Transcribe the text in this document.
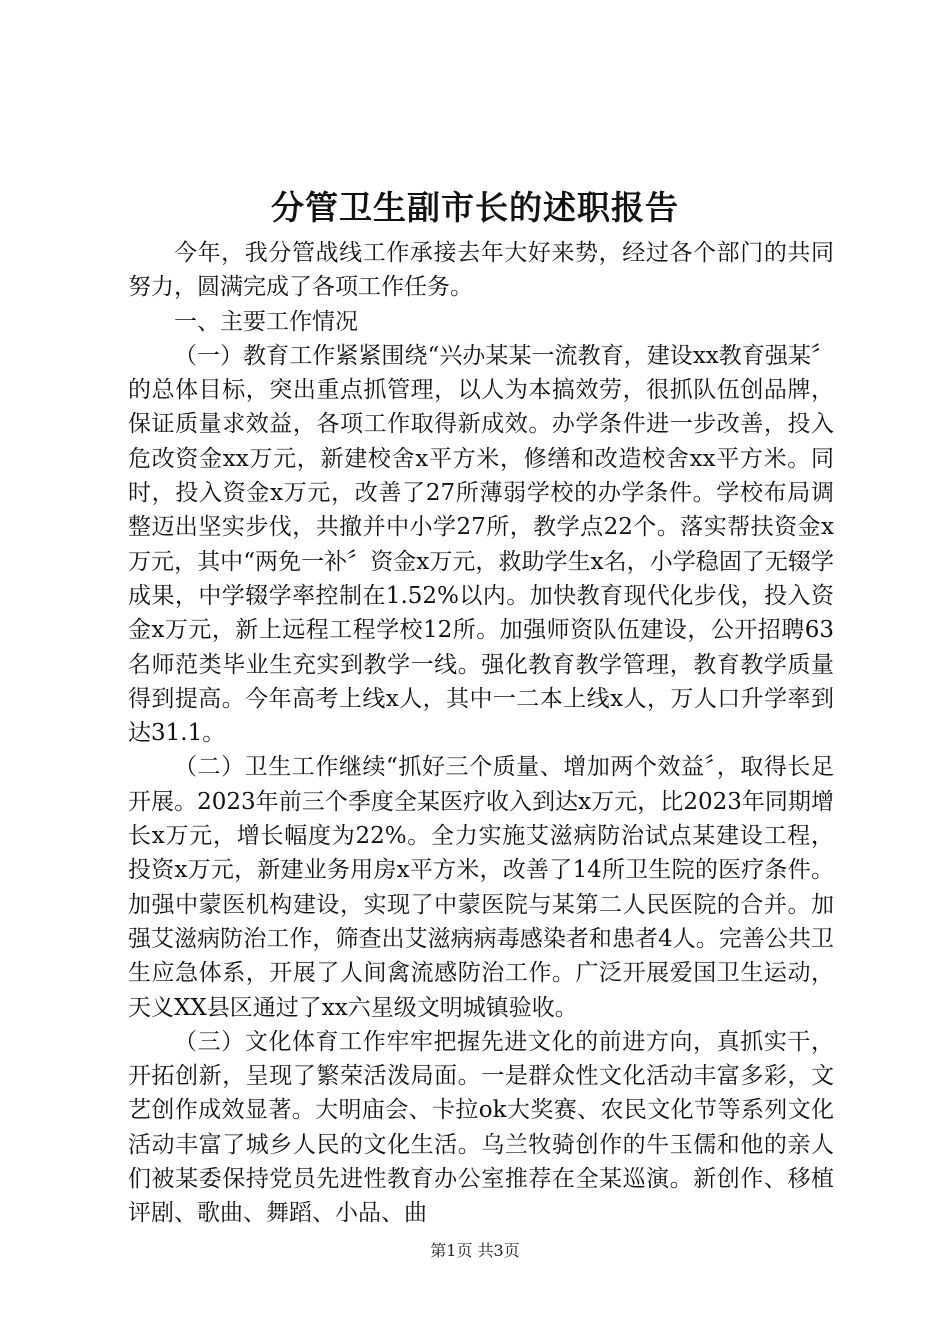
分管卫生副市长的述职报告

今年，我分管战线工作承接去年大好来势，经过各个部门的共同努力，圆满完成了各项工作任务。

一、主要工作情况

（一）教育工作紧紧围绕“兴办某某一流教育，建设xx教育强某〞的总体目标，突出重点抓管理，以人为本搞效劳，很抓队伍创品牌，保证质量求效益，各项工作取得新成效。办学条件进一步改善，投入危改资金xx万元，新建校舍x平方米，修缮和改造校舍xx平方米。同时，投入资金x万元，改善了27所薄弱学校的办学条件。学校布局调整迈出坚实步伐，共撤并中小学27所，教学点22个。落实帮扶资金x万元，其中“两免一补〞资金x万元，救助学生x名，小学稳固了无辍学成果，中学辍学率控制在1.52%以内。加快教育现代化步伐，投入资金x万元，新上远程工程学校12所。加强师资队伍建设，公开招聘63名师范类毕业生充实到教学一线。强化教育教学管理，教育教学质量得到提高。今年高考上线x人，其中一二本上线x人，万人口升学率到达31.1。

（二）卫生工作继续“抓好三个质量、增加两个效益〞，取得长足开展。2023年前三个季度全某医疗收入到达x万元，比2023年同期增长x万元，增长幅度为22%。全力实施艾滋病防治试点某建设工程，投资x万元，新建业务用房x平方米，改善了14所卫生院的医疗条件。加强中蒙医机构建设，实现了中蒙医院与某第二人民医院的合并。加强艾滋病防治工作，筛查出艾滋病病毒感染者和患者4人。完善公共卫生应急体系，开展了人间禽流感防治工作。广泛开展爱国卫生运动，天义XX县区通过了xx六星级文明城镇验收。

（三）文化体育工作牢牢把握先进文化的前进方向，真抓实干，开拓创新，呈现了繁荣活泼局面。一是群众性文化活动丰富多彩，文艺创作成效显著。大明庙会、卡拉ok大奖赛、农民文化节等系列文化活动丰富了城乡人民的文化生活。乌兰牧骑创作的牛玉儒和他的亲人们被某委保持党员先进性教育办公室推荐在全某巡演。新创作、移植评剧、歌曲、舞蹈、小品、曲

第1页 共3页
